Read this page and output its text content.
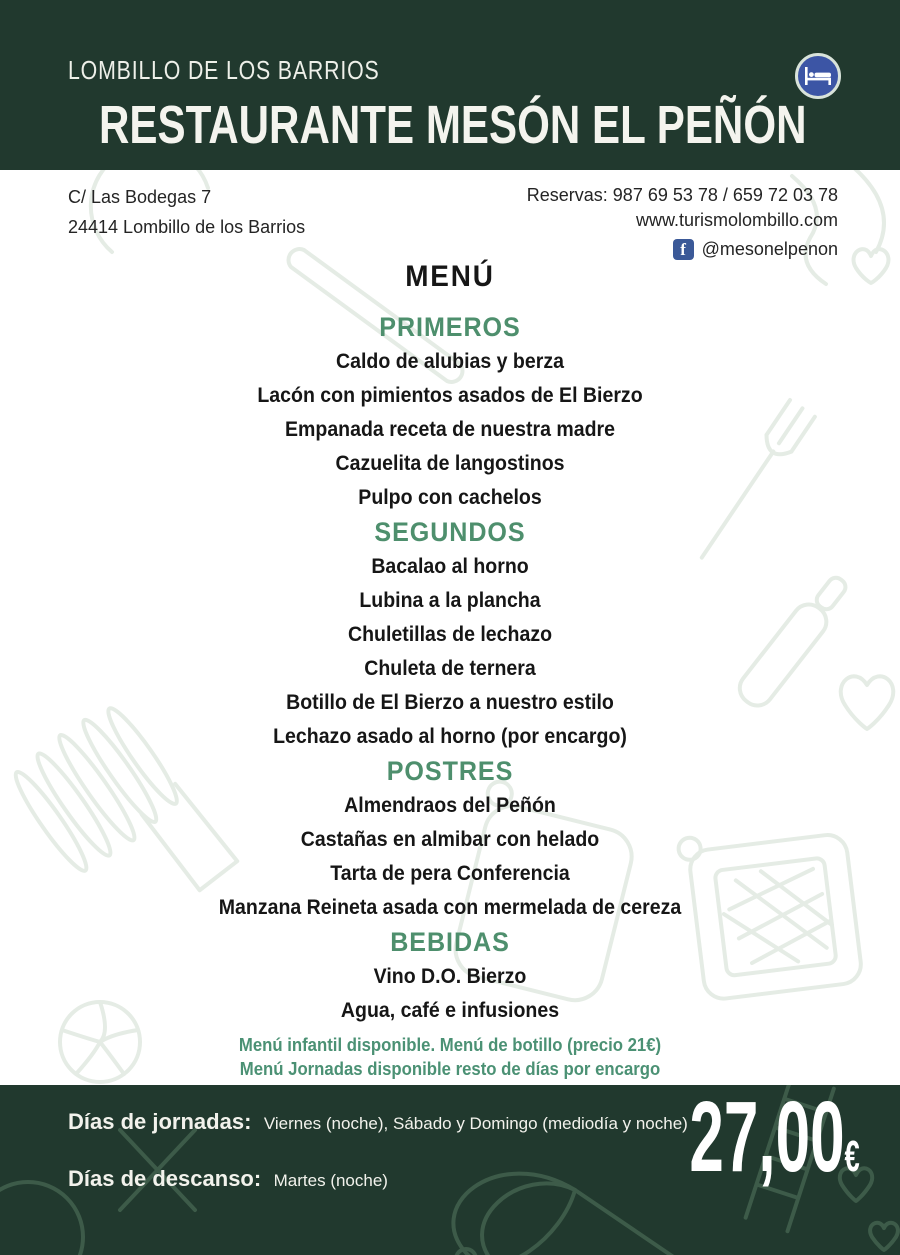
LOMBILLO DE LOS BARRIOS
RESTAURANTE MESÓN EL PEÑÓN
C/ Las Bodegas 7
24414 Lombillo de los Barrios
Reservas: 987 69 53 78 / 659 72 03 78
www.turismolombillo.com
f @mesonelpenon
MENÚ
PRIMEROS
Caldo de alubias y berza
Lacón con pimientos asados de El Bierzo
Empanada receta de nuestra madre
Cazuelita de langostinos
Pulpo con cachelos
SEGUNDOS
Bacalao al horno
Lubina a la plancha
Chuletillas de lechazo
Chuleta de ternera
Botillo de El Bierzo a nuestro estilo
Lechazo asado al horno (por encargo)
POSTRES
Almendraos del Peñón
Castañas en almibar con helado
Tarta de pera Conferencia
Manzana Reineta asada con mermelada de cereza
BEBIDAS
Vino D.O. Bierzo
Agua, café e infusiones
Menú infantil disponible. Menú de botillo (precio 21€)
Menú Jornadas disponible resto de días por encargo
Días de jornadas: Viernes (noche), Sábado y Domingo (mediodía y noche)
Días de descanso: Martes (noche)	27,00€
